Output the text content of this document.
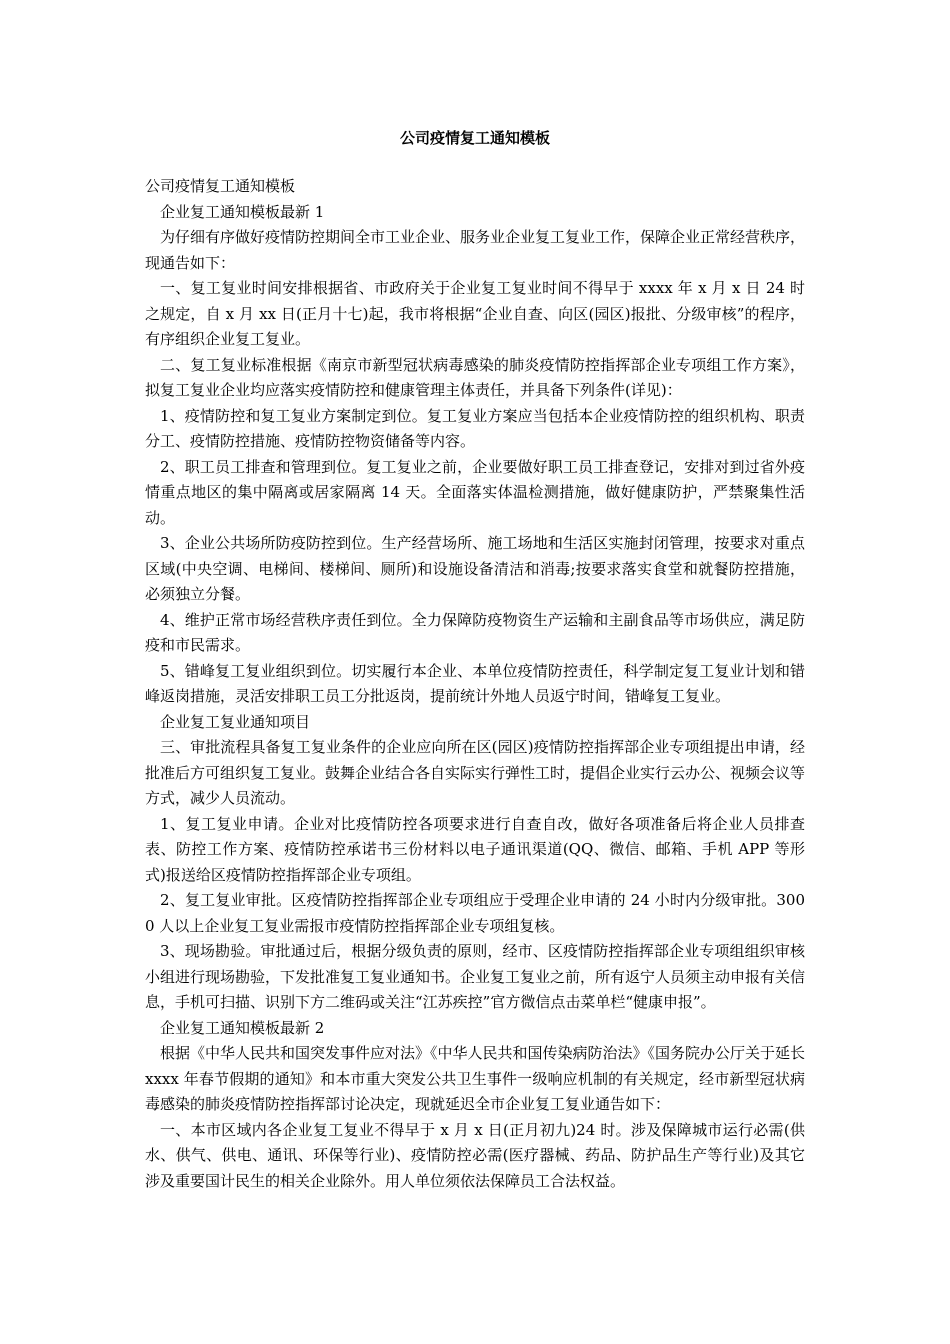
公司疫情复工通知模板

公司疫情复工通知模板

企业复工通知模板最新 1

为仔细有序做好疫情防控期间全市工业企业、服务业企业复工复业工作，保障企业正常经营秩序，现通告如下：

一、复工复业时间安排根据省、市政府关于企业复工复业时间不得早于 xxxx 年 x 月 x 日 24 时之规定，自 x 月 xx 日(正月十七)起，我市将根据“企业自查、向区(园区)报批、分级审核”的程序，有序组织企业复工复业。

二、复工复业标准根据《南京市新型冠状病毒感染的肺炎疫情防控指挥部企业专项组工作方案》，拟复工复业企业均应落实疫情防控和健康管理主体责任，并具备下列条件(详见)：

1、疫情防控和复工复业方案制定到位。复工复业方案应当包括本企业疫情防控的组织机构、职责分工、疫情防控措施、疫情防控物资储备等内容。

2、职工员工排查和管理到位。复工复业之前，企业要做好职工员工排查登记，安排对到过省外疫情重点地区的集中隔离或居家隔离 14 天。全面落实体温检测措施，做好健康防护，严禁聚集性活动。

3、企业公共场所防疫防控到位。生产经营场所、施工场地和生活区实施封闭管理，按要求对重点区域(中央空调、电梯间、楼梯间、厕所)和设施设备清洁和消毒;按要求落实食堂和就餐防控措施，必须独立分餐。

4、维护正常市场经营秩序责任到位。全力保障防疫物资生产运输和主副食品等市场供应，满足防疫和市民需求。

5、错峰复工复业组织到位。切实履行本企业、本单位疫情防控责任，科学制定复工复业计划和错峰返岗措施，灵活安排职工员工分批返岗，提前统计外地人员返宁时间，错峰复工复业。

企业复工复业通知项目

三、审批流程具备复工复业条件的企业应向所在区(园区)疫情防控指挥部企业专项组提出申请，经批准后方可组织复工复业。鼓舞企业结合各自实际实行弹性工时，提倡企业实行云办公、视频会议等方式，减少人员流动。

1、复工复业申请。企业对比疫情防控各项要求进行自查自改，做好各项准备后将企业人员排查表、防控工作方案、疫情防控承诺书三份材料以电子通讯渠道(QQ、微信、邮箱、手机 APP 等形式)报送给区疫情防控指挥部企业专项组。

2、复工复业审批。区疫情防控指挥部企业专项组应于受理企业申请的 24 小时内分级审批。3000 人以上企业复工复业需报市疫情防控指挥部企业专项组复核。

3、现场勘验。审批通过后，根据分级负责的原则，经市、区疫情防控指挥部企业专项组组织审核小组进行现场勘验，下发批准复工复业通知书。企业复工复业之前，所有返宁人员须主动申报有关信息，手机可扫描、识别下方二维码或关注“江苏疾控”官方微信点击菜单栏“健康申报”。

企业复工通知模板最新 2

根据《中华人民共和国突发事件应对法》《中华人民共和国传染病防治法》《国务院办公厅关于延长 xxxx 年春节假期的通知》和本市重大突发公共卫生事件一级响应机制的有关规定，经市新型冠状病毒感染的肺炎疫情防控指挥部讨论决定，现就延迟全市企业复工复业通告如下：

一、本市区域内各企业复工复业不得早于 x 月 x 日(正月初九)24 时。涉及保障城市运行必需(供水、供气、供电、通讯、环保等行业)、疫情防控必需(医疗器械、药品、防护品生产等行业)及其它涉及重要国计民生的相关企业除外。用人单位须依法保障员工合法权益。
